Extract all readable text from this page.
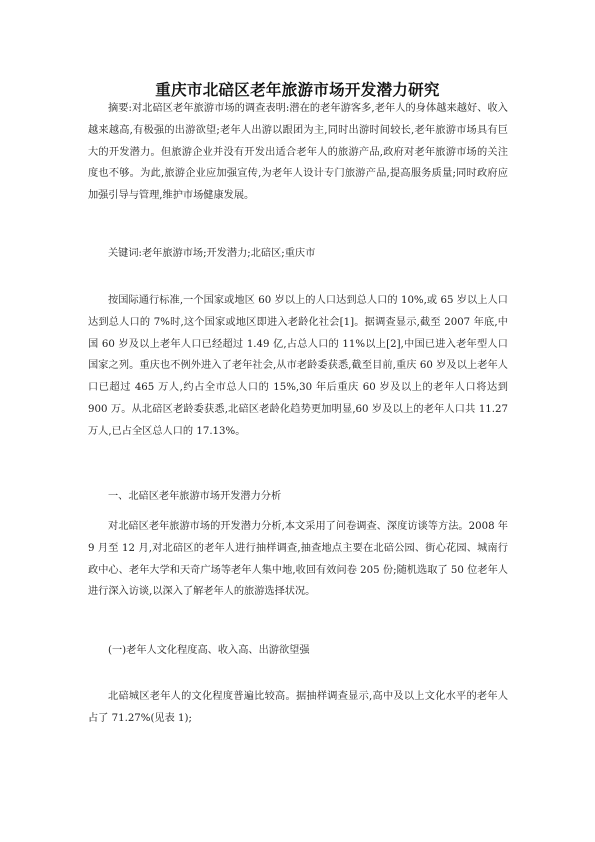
重庆市北碚区老年旅游市场开发潜力研究
摘要:对北碚区老年旅游市场的调查表明:潜在的老年游客多,老年人的身体越来越好、收入越来越高,有极强的出游欲望;老年人出游以跟团为主,同时出游时间较长,老年旅游市场具有巨大的开发潜力。但旅游企业并没有开发出适合老年人的旅游产品,政府对老年旅游市场的关注度也不够。为此,旅游企业应加强宣传,为老年人设计专门旅游产品,提高服务质量;同时政府应加强引导与管理,维护市场健康发展。
关键词:老年旅游市场;开发潜力;北碚区;重庆市
按国际通行标准,一个国家或地区 60 岁以上的人口达到总人口的 10%,或 65 岁以上人口达到总人口的 7%时,这个国家或地区即进入老龄化社会[1]。据调查显示,截至 2007 年底,中国 60 岁及以上老年人口已经超过 1.49 亿,占总人口的 11%以上[2],中国已进入老年型人口国家之列。重庆也不例外进入了老年社会,从市老龄委获悉,截至目前,重庆 60 岁及以上老年人口已超过 465 万人,约占全市总人口的 15%,30 年后重庆 60 岁及以上的老年人口将达到 900 万。从北碚区老龄委获悉,北碚区老龄化趋势更加明显,60 岁及以上的老年人口共 11.27 万人,已占全区总人口的 17.13%。
一、北碚区老年旅游市场开发潜力分析
对北碚区老年旅游市场的开发潜力分析,本文采用了问卷调查、深度访谈等方法。2008 年 9 月至 12 月,对北碚区的老年人进行抽样调查,抽查地点主要在北碚公园、街心花园、城南行政中心、老年大学和天奇广场等老年人集中地,收回有效问卷 205 份;随机选取了 50 位老年人进行深入访谈,以深入了解老年人的旅游选择状况。
(一)老年人文化程度高、收入高、出游欲望强
北碚城区老年人的文化程度普遍比较高。据抽样调查显示,高中及以上文化水平的老年人占了 71.27%(见表 1);
